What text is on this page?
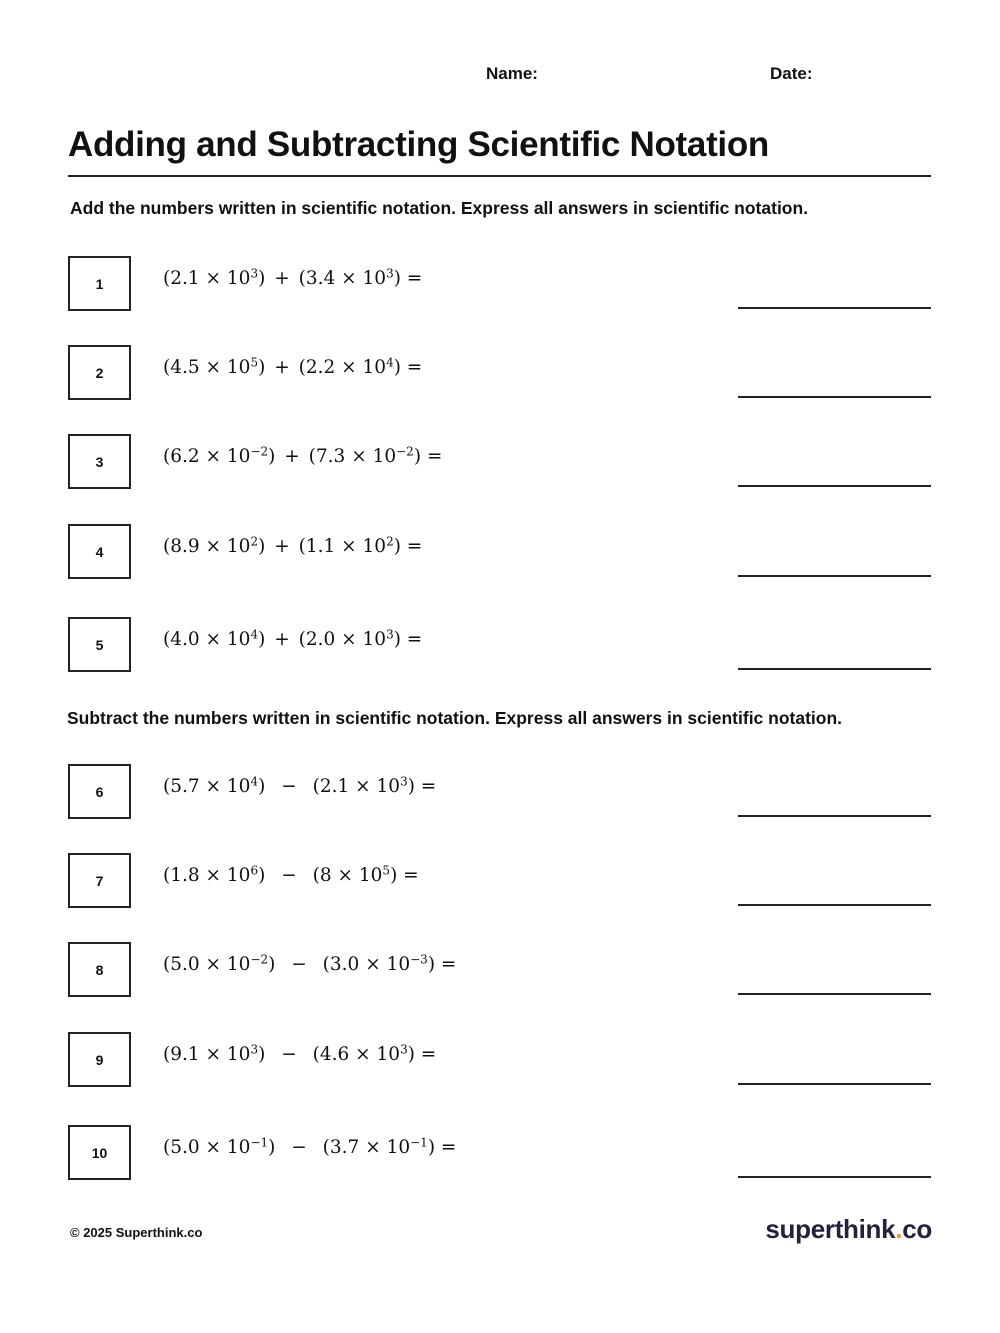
Name:	Date:
Adding and Subtracting Scientific Notation
Add the numbers written in scientific notation. Express all answers in scientific notation.
Subtract the numbers written in scientific notation. Express all answers in scientific notation.
1	$(2.1 \times 10^3) + (3.4 \times 10^3)$ =
2	$(4.5 \times 10^5) + (2.2 \times 10^4)$ =
3	$(6.2 \times 10^{-2}) + (7.3 \times 10^{-2})$ =
4	$(8.9 \times 10^2) + (1.1 \times 10^2)$ =
5	$(4.0 \times 10^4) + (2.0 \times 10^3)$ =
6	$(5.7 \times 10^4) - (2.1 \times 10^3)$ =
7	$(1.8 \times 10^6) - (8 \times 10^5)$ =
8	$(5.0 \times 10^{-2}) - (3.0 \times 10^{-3})$ =
9	$(9.1 \times 10^3) - (4.6 \times 10^3)$ =
10	$(5.0 \times 10^{-1}) - (3.7 \times 10^{-1})$ =
© 2025 Superthink.co	superthink.co
